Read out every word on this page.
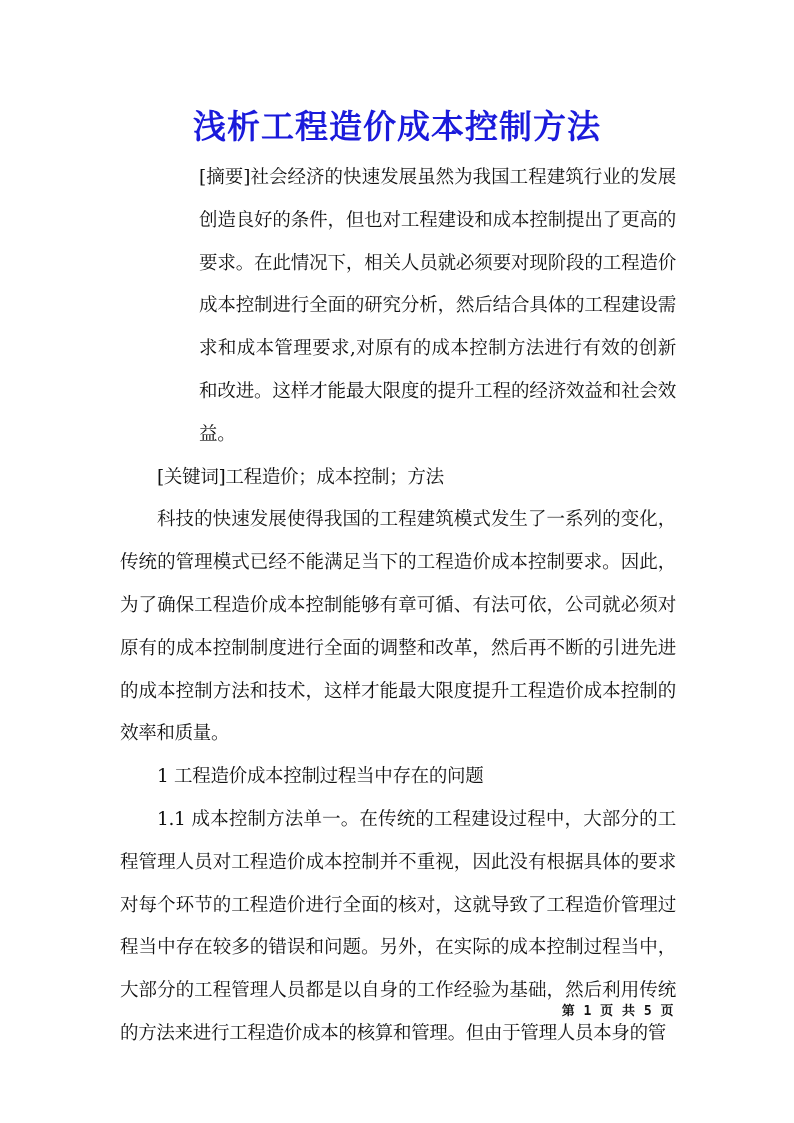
浅析工程造价成本控制方法

[摘要]社会经济的快速发展虽然为我国工程建筑行业的发展创造良好的条件，但也对工程建设和成本控制提出了更高的要求。在此情况下，相关人员就必须要对现阶段的工程造价成本控制进行全面的研究分析，然后结合具体的工程建设需求和成本管理要求,对原有的成本控制方法进行有效的创新和改进。这样才能最大限度的提升工程的经济效益和社会效益。

[关键词]工程造价；成本控制；方法

科技的快速发展使得我国的工程建筑模式发生了一系列的变化，传统的管理模式已经不能满足当下的工程造价成本控制要求。因此，为了确保工程造价成本控制能够有章可循、有法可依，公司就必须对原有的成本控制制度进行全面的调整和改革，然后再不断的引进先进的成本控制方法和技术，这样才能最大限度提升工程造价成本控制的效率和质量。

1 工程造价成本控制过程当中存在的问题

1.1 成本控制方法单一。在传统的工程建设过程中，大部分的工程管理人员对工程造价成本控制并不重视，因此没有根据具体的要求对每个环节的工程造价进行全面的核对，这就导致了工程造价管理过程当中存在较多的错误和问题。另外，在实际的成本控制过程当中，大部分的工程管理人员都是以自身的工作经验为基础，然后利用传统的方法来进行工程造价成本的核算和管理。但由于管理人员本身的管

第 1 页 共 5 页
